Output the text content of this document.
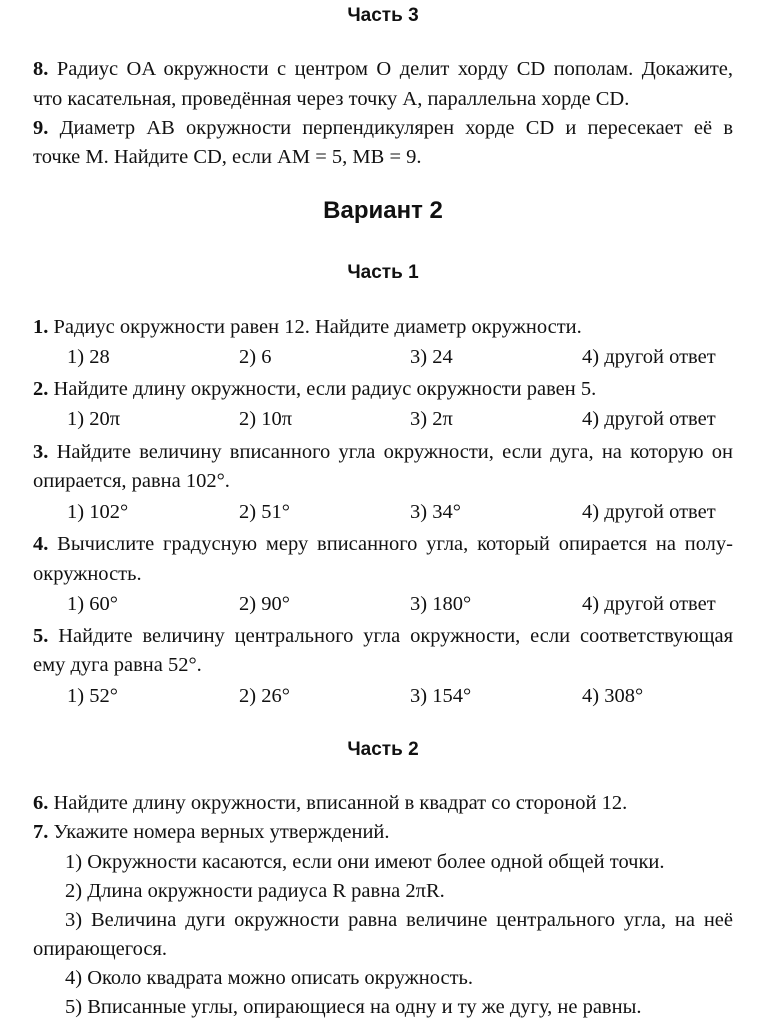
Часть 3
8. Радиус OA окружности с центром O делит хорду CD пополам. Докажите,
что касательная, проведённая через точку A, параллельна хорде CD.
9. Диаметр AB окружности перпендикулярен хорде CD и пересекает её в
точке M. Найдите CD, если AM = 5, MB = 9.
Вариант 2
Часть 1
1. Радиус окружности равен 12. Найдите диаметр окружности.
1) 28	2) 6	3) 24	4) другой ответ
2. Найдите длину окружности, если радиус окружности равен 5.
1) 20π	2) 10π	3) 2π	4) другой ответ
3. Найдите величину вписанного угла окружности, если дуга, на которую он
опирается, равна 102°.
1) 102°	2) 51°	3) 34°	4) другой ответ
4. Вычислите градусную меру вписанного угла, который опирается на полу-
окружность.
1) 60°	2) 90°	3) 180°	4) другой ответ
5. Найдите величину центрального угла окружности, если соответствующая
ему дуга равна 52°.
1) 52°	2) 26°	3) 154°	4) 308°
Часть 2
6. Найдите длину окружности, вписанной в квадрат со стороной 12.
7. Укажите номера верных утверждений.
1) Окружности касаются, если они имеют более одной общей точки.
2) Длина окружности радиуса R равна 2πR.
3) Величина дуги окружности равна величине центрального угла, на неё
опирающегося.
4) Около квадрата можно описать окружность.
5) Вписанные углы, опирающиеся на одну и ту же дугу, не равны.
